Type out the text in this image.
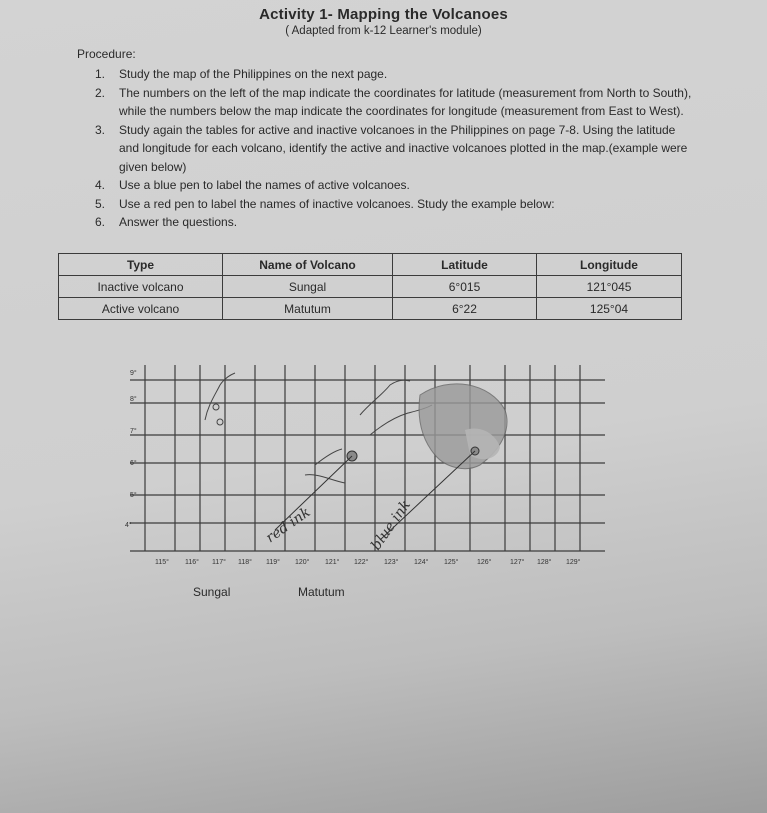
Activity 1- Mapping the Volcanoes
( Adapted from k-12 Learner's module)
Procedure:
1. Study the map of the Philippines on the next page.
2. The numbers on the left of the map indicate the coordinates for latitude (measurement from North to South), while the numbers below the map indicate the coordinates for longitude (measurement from East to West).
3. Study again the tables for active and inactive volcanoes in the Philippines on page 7-8. Using the latitude and longitude for each volcano, identify the active and inactive volcanoes plotted in the map.(example were given below)
4. Use a blue pen to label the names of active volcanoes.
5. Use a red pen to label the names of inactive volcanoes. Study the example below:
6. Answer the questions.
Type	Name of Volcano	Latitude	Longitude
Inactive volcano	Sungal	6°015	121°045
Active volcano	Matutum	6°22	125°04
red ink	blue ink
9°
8°
7°
6°
5°
4°
115° 116° 117° 118° 119° 120° 121° 122° 123° 124° 125°	126°	127° 128° 129°
Sungal	Matutum
